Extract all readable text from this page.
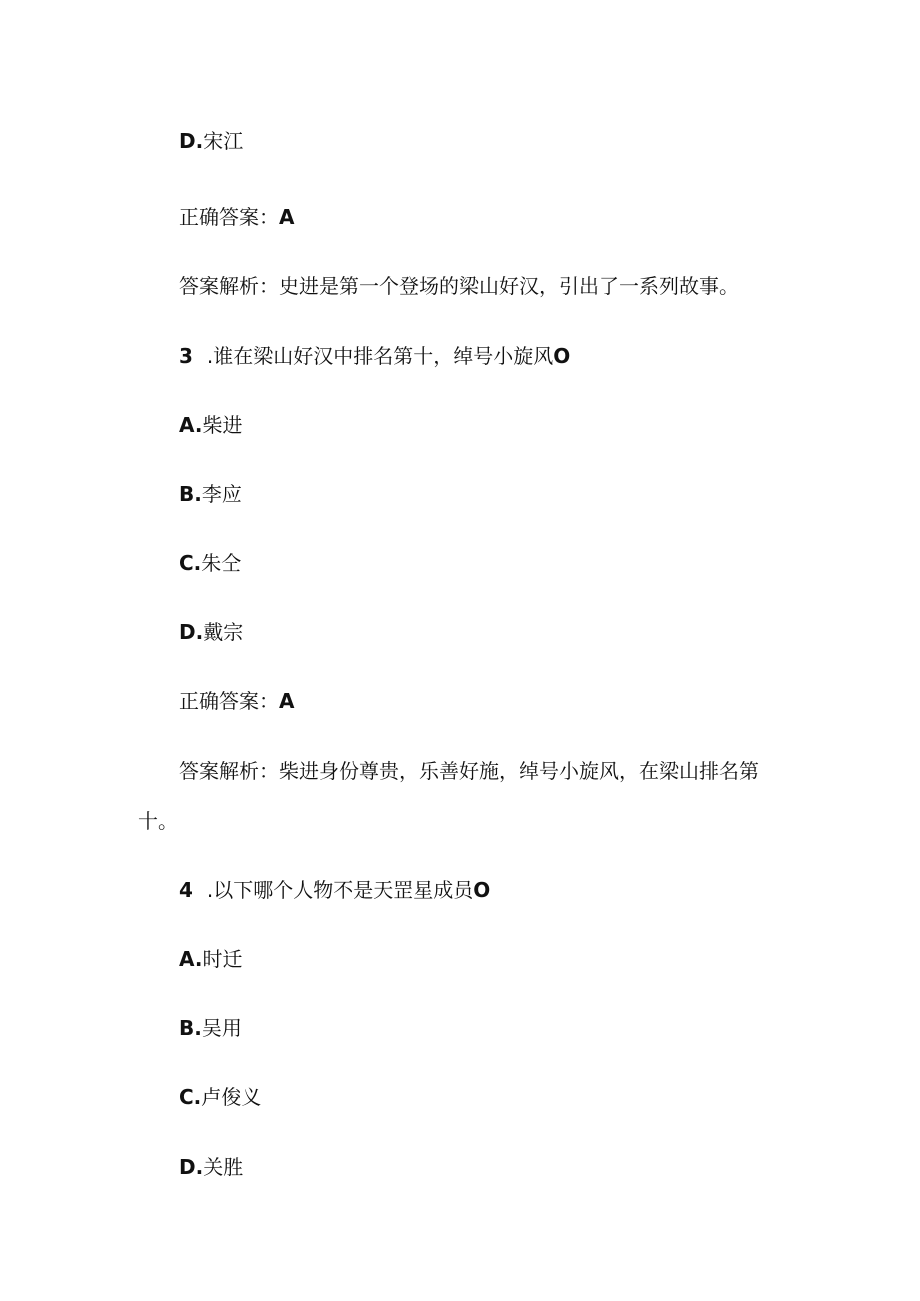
D.宋江
正确答案：A
答案解析：史进是第一个登场的梁山好汉，引出了一系列故事。
3 .谁在梁山好汉中排名第十，绰号小旋风O
A.柴进
B.李应
C.朱仝
D.戴宗
正确答案：A
答案解析：柴进身份尊贵，乐善好施，绰号小旋风，在梁山排名第
十。
4 .以下哪个人物不是天罡星成员O
A.时迁
B.吴用
C.卢俊义
D.关胜
